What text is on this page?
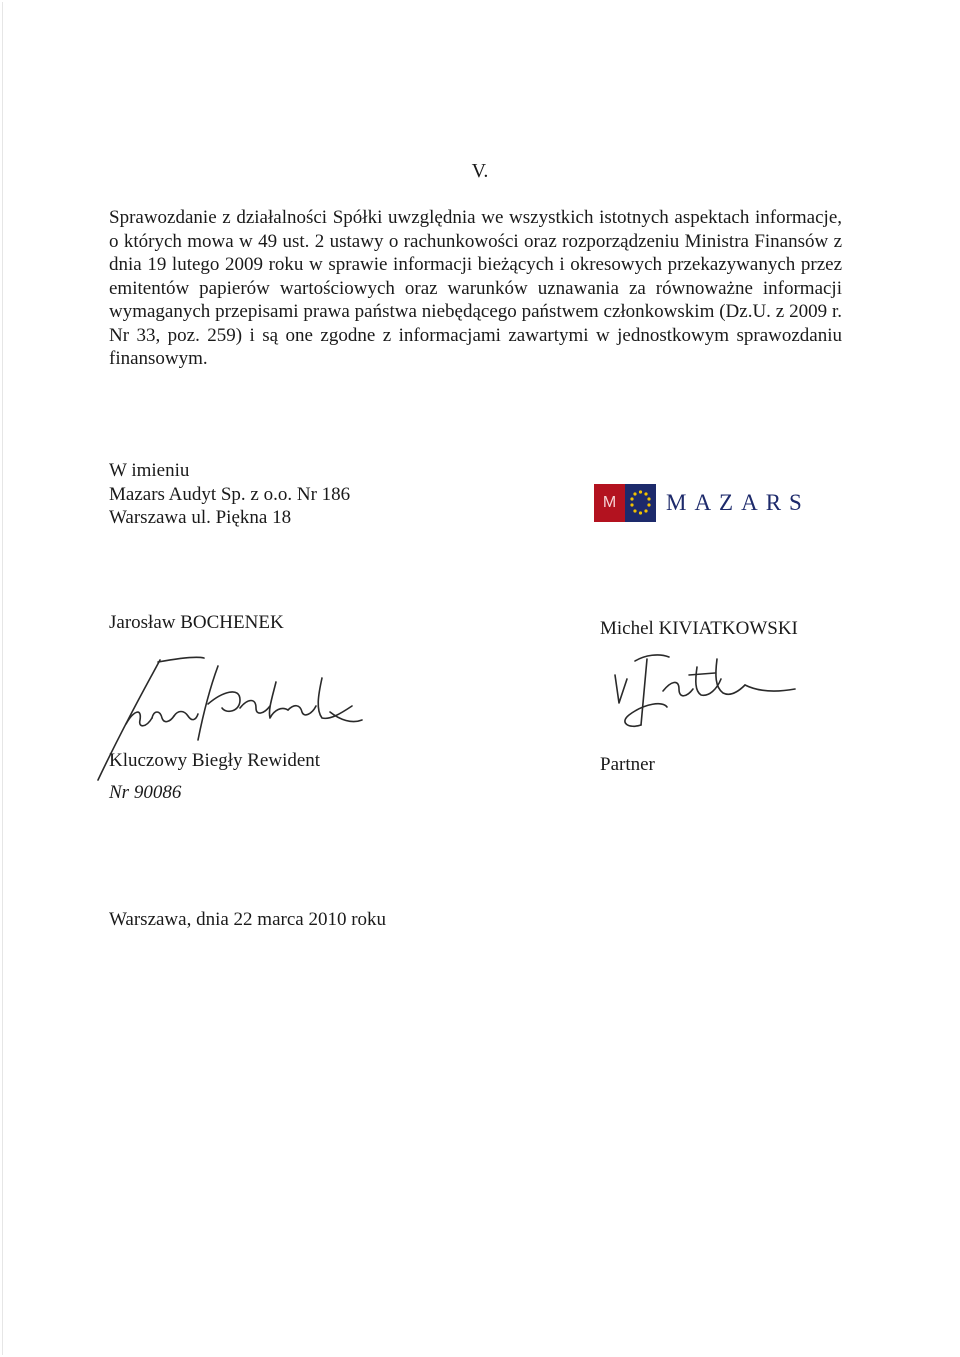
V.

Sprawozdanie z działalności Spółki uwzględnia we wszystkich istotnych aspektach informacje, o których mowa w 49 ust. 2 ustawy o rachunkowości oraz rozporządzeniu Ministra Finansów z dnia 19 lutego 2009 roku w sprawie informacji bieżących i okresowych przekazywanych przez emitentów papierów wartościowych oraz warunków uznawania za równoważne informacji wymaganych przepisami prawa państwa niebędącego państwem członkowskim (Dz.U. z 2009 r. Nr 33, poz. 259) i są one zgodne z informacjami zawartymi w jednostkowym sprawozdaniu finansowym.

W imieniu
Mazars Audyt Sp. z o.o. Nr 186
Warszawa ul. Piękna 18
M	MAZARS
Jarosław BOCHENEK	Michel KIVIATKOWSKI
Kluczowy Biegły Rewident	Partner
Nr 90086
Warszawa, dnia 22 marca 2010 roku
